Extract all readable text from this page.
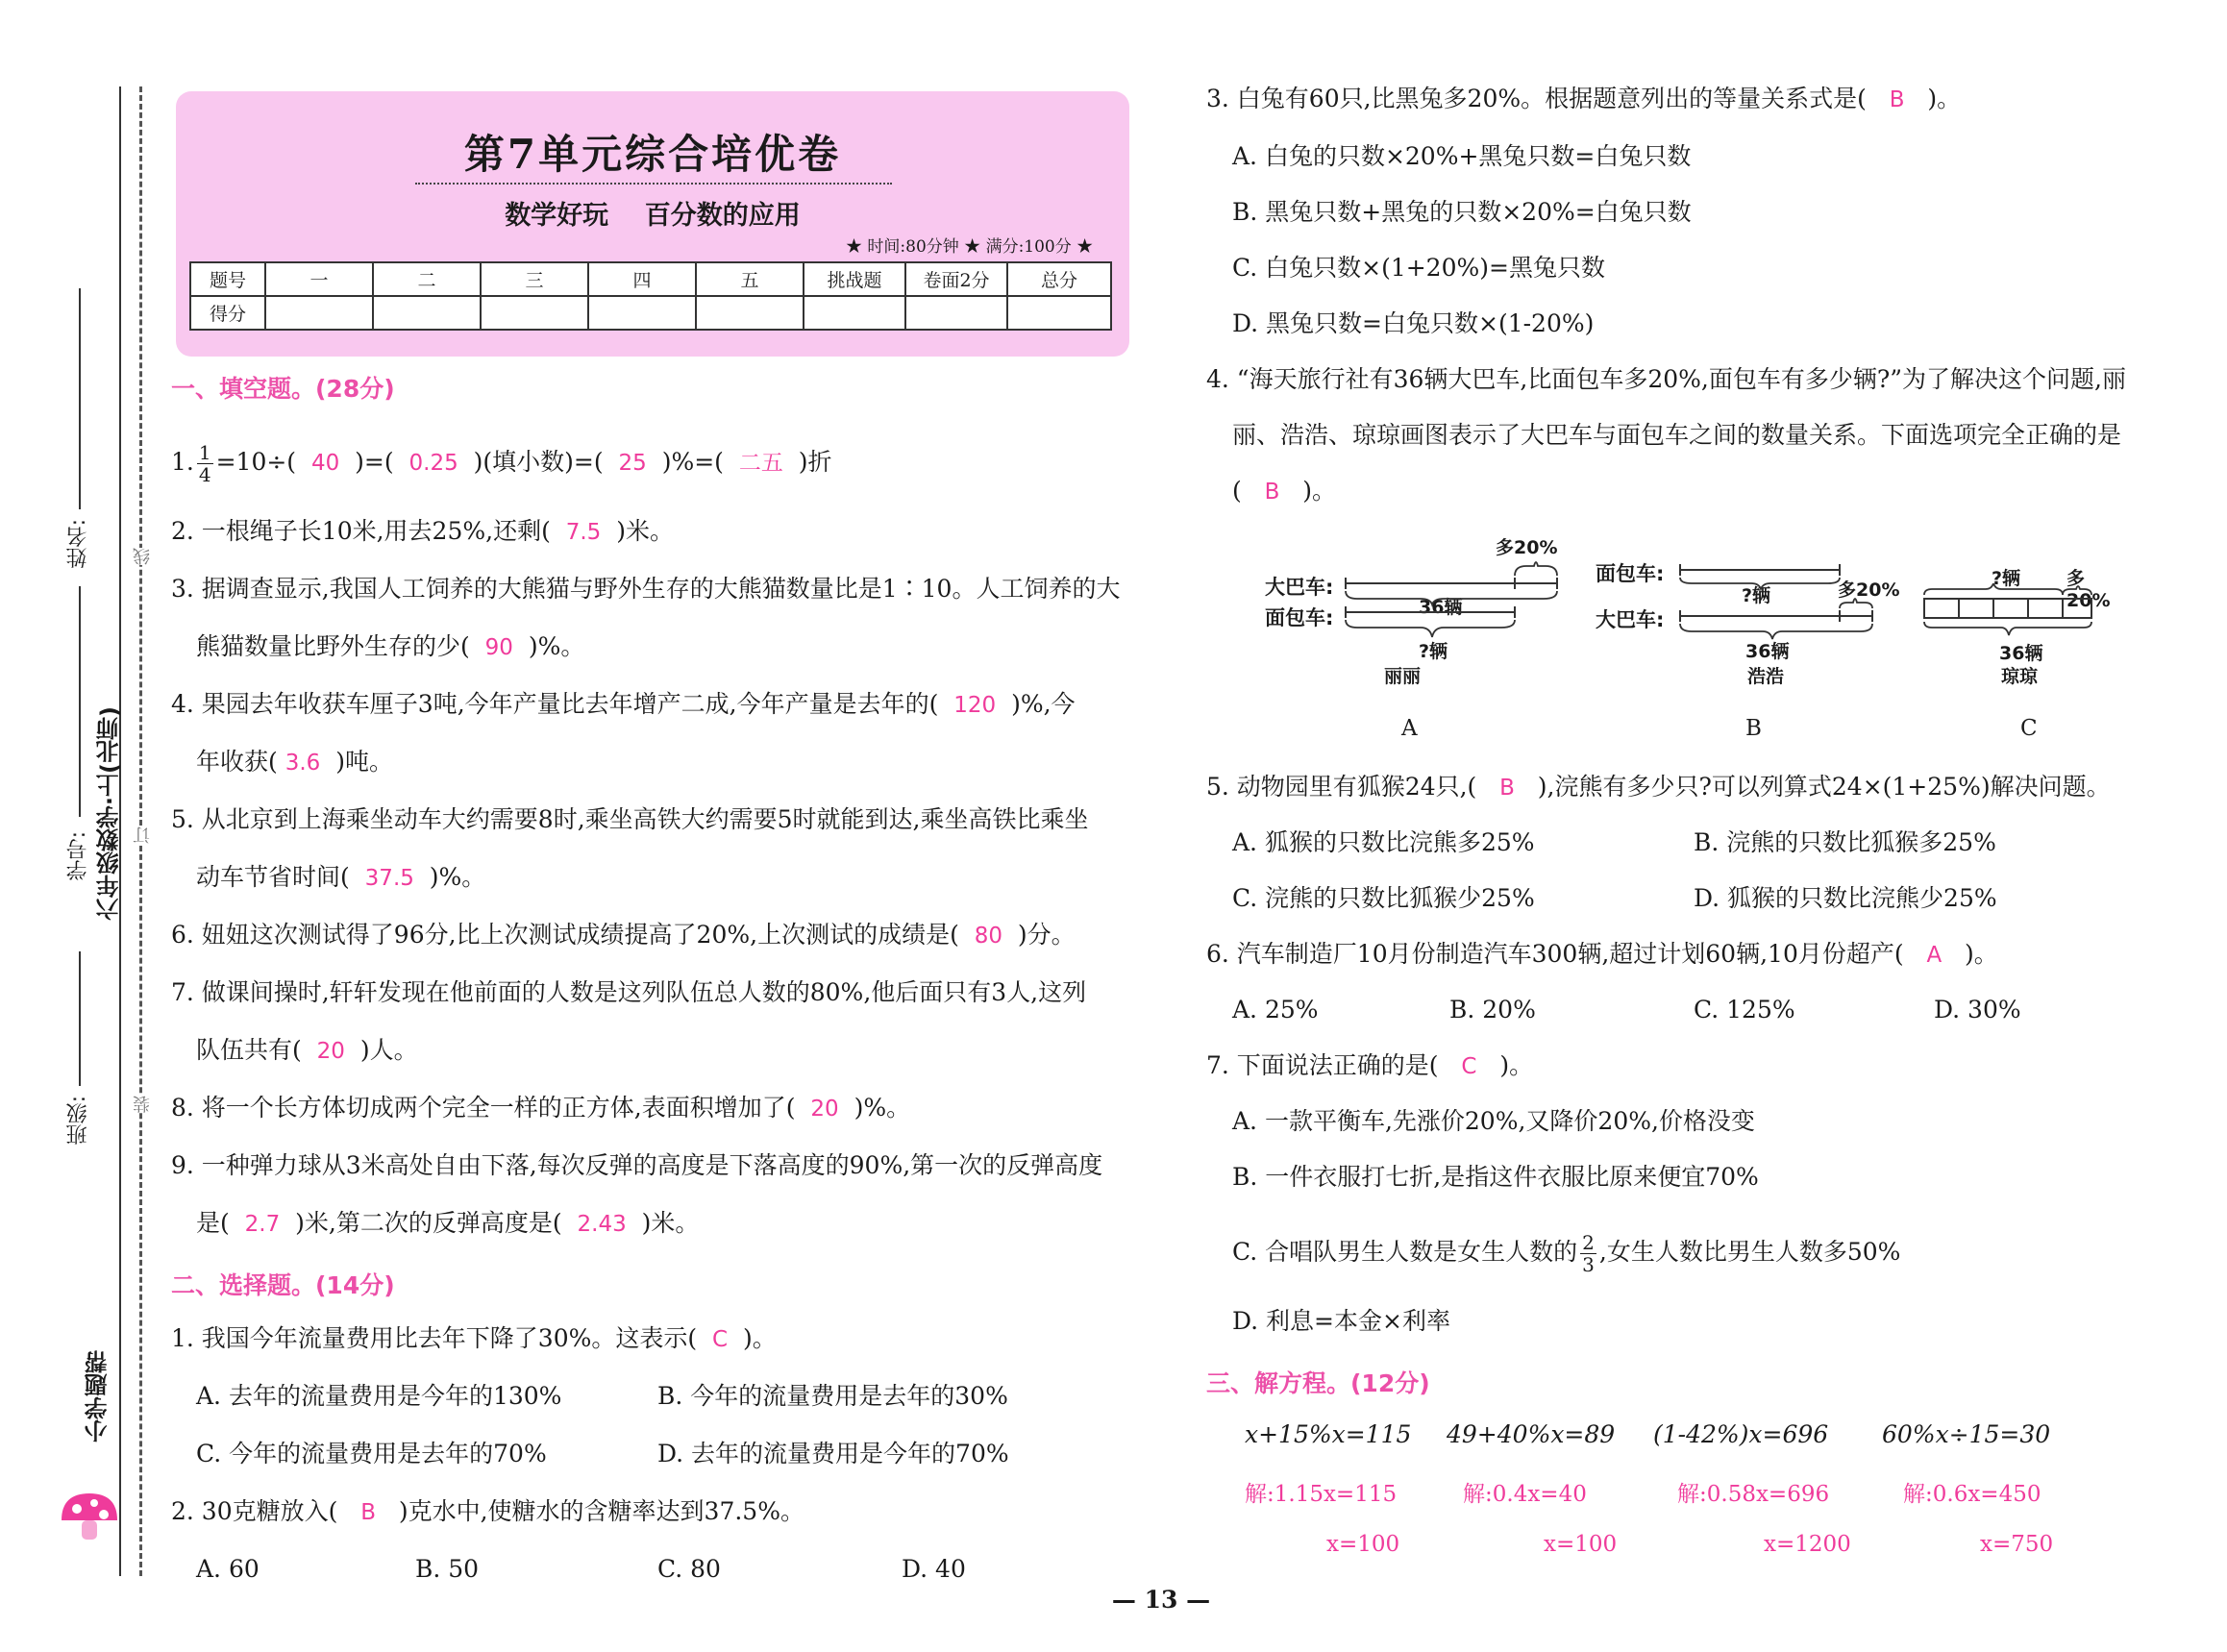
姓名:
学号:
班级:
六年级数学·上(北师)
线
订
装
小学题帮
第7单元综合培优卷
数学好玩    百分数的应用
★ 时间:80分钟 ★ 满分:100分 ★
题号	一	二	三	四	五	挑战题	卷面2分	总分
得分								
一、填空题。(28分)
1. $\frac{1}{4} =10\div$( 40 )=( 0.25 )(填小数)=( 25 )%=( 二五 )折
2. 一根绳子长10米,用去25%,还剩( 7.5 )米。
3. 据调查显示,我国人工饲养的大熊猫与野外生存的大熊猫数量比是1∶10。人工饲养的大
熊猫数量比野外生存的少( 90 )%。
4. 果园去年收获车厘子3吨,今年产量比去年增产二成,今年产量是去年的( 120 )%,今
年收获( 3.6 )吨。
5. 从北京到上海乘坐动车大约需要8时,乘坐高铁大约需要5时就能到达,乘坐高铁比乘坐
动车节省时间( 37.5 )%。
6. 妞妞这次测试得了96分,比上次测试成绩提高了20%,上次测试的成绩是( 80 )分。
7. 做课间操时,轩轩发现在他前面的人数是这列队伍总人数的80%,他后面只有3人,这列
队伍共有( 20 )人。
8. 将一个长方体切成两个完全一样的正方体,表面积增加了( 20 )%。
9. 一种弹力球从3米高处自由下落,每次反弹的高度是下落高度的90%,第一次的反弹高度
是( 2.7 )米,第二次的反弹高度是( 2.43 )米。
二、选择题。(14分)
1. 我国今年流量费用比去年下降了30%。这表示( C )。
A. 去年的流量费用是今年的130%	B. 今年的流量费用是去年的30%
C. 今年的流量费用是去年的70%	D. 去年的流量费用是今年的70%
2. 30克糖放入( B )克水中,使糖水的含糖率达到37.5%。
A. 60	B. 50	C. 80	D. 40
3. 白兔有60只,比黑兔多20%。根据题意列出的等量关系式是( B )。
A. 白兔的只数×20%+黑兔只数=白兔只数
B. 黑兔只数+黑兔的只数×20%=白兔只数
C. 白兔只数×(1+20%)=黑兔只数
D. 黑兔只数=白兔只数×(1-20%)
4. “海天旅行社有36辆大巴车,比面包车多20%,面包车有多少辆?”为了解决这个问题,丽
丽、浩浩、琼琼画图表示了大巴车与面包车之间的数量关系。下面选项完全正确的是
( B )。
大巴车:
面包车:
多20%
36辆
?辆
丽丽
A
面包车:
大巴车:
多20%
?辆
36辆
浩浩
B
?辆	多20%
36辆
琼琼
C
5. 动物园里有狐猴24只,( B ),浣熊有多少只?可以列算式24×(1+25%)解决问题。
A. 狐猴的只数比浣熊多25%	B. 浣熊的只数比狐猴多25%
C. 浣熊的只数比狐猴少25%	D. 狐猴的只数比浣熊少25%
6. 汽车制造厂10月份制造汽车300辆,超过计划60辆,10月份超产( A )。
A. 25%	B. 20%	C. 125%	D. 30%
7. 下面说法正确的是( C )。
A. 一款平衡车,先涨价20%,又降价20%,价格没变
B. 一件衣服打七折,是指这件衣服比原来便宜70%
C. 合唱队男生人数是女生人数的 $\frac{2}{3}$ ,女生人数比男生人数多50%
D. 利息=本金×利率
三、解方程。(12分)
x+15%x=115 49+40%x=89 (1-42%)x=696 60%x÷15=30
解:1.15x=115	解:0.4x=40	解:0.58x=696	解:0.6x=450
x=100	x=100	x=1200	x=750
— 13 —
